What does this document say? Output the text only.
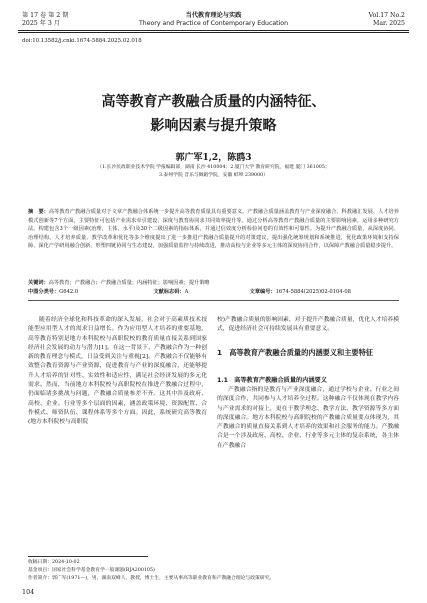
第 17 卷 第 2 期
2025 年 3 月
当代教育理论与实践
Theory and Practice of Contemporary Education
Vol.17 No.2
Mar. 2025
doi:10.13582/j.cnki.1674-5884.2025.02.018
高等教育产教融合质量的内涵特征、
影响因素与提升策略
郭广军1,2，陈鸥3
（1.长沙民政职业技术学院 学报编辑部，湖南 长沙 410004；2.厦门大学 教育研究院，福建 厦门 361005；
3.泰州学院 音乐与舞蹈学院，安徽 蚌埠 239000）
摘　要：高等教育产教融合质量对于文章产教融合体系统一步提升高等教育质量具有重要意义。产教融合质量涵盖教育与产业深度融合、科教融汇发展、人才培养模式创新等7个方面，主要特征可包括产业需求牵引建设、深度与教育协同求共同效率提升等。通过分析高等教育产教融合质量的主要影响因素，运用多种研究方法，构建包含3个一级因素(治理、主体、水平)及30个二级因素的指标体系，并通过信效度分析检验问卷的有效性和可靠性。为提升产教融合质量，从深度协同、治理结构、人才培养质量、教学改革和优化等多个维度提出了进一步推进产教融合质量提升的对策建议。提出强化统筹规划和系统推进，优化政策环境和支持保障，深化产学研用融合创新，形塑四链协同与生态建设，加强质量监控与持续改进，推动高校与企业等多元主体的深度协同合作，以保障产教融合质量稳步提升。
关键词：高等教育；产教融合；产教融合质量；内涵特征；影响因素；提升策略
中图分类号：G642.0	文献标志码：A	文章编号：1674-5884(2025)02-0104-08

随着经济全球化和科技革命的深入发展，社会对于高素质技术技能型应用型人才的需求日益增长。作为应用型人才培养的重要基地，高等教育特别是地方本科院校与高职院校的教育质量直接关系到国家经济社会发展的动力与潜力[1]。在这一背景下，产教融合作为一种创新的教育理念与模式，日益受到关注与重视[2]。产教融合不仅能够有效整合教育资源与产业资源，促进教育与产业的深度融合，还能够提升人才培养的针对性、实效性和适应性，满足社会经济发展的多元化需求。然而，当前地方本科院校与高职院校在推进产教融合过程中，仍面临诸多挑战与问题，产教融合质量参差不齐。这其中涉及政府、高校、企业、行业等多个层面的因素，涵盖政策环境、资源配置、合作模式、师资队伍、课程体系等多个方面。因此，系统研究高等教育(地方本科院校与高职院

校)产教融合质量的影响因素，对于提升产教融合质量，优化人才培养模式，促进经济社会可持续发展具有重要意义。

1　高等教育产教融合质量的内涵要义和主要特征
1.1　高等教育产教融合质量的内涵要义

产教融合指的是教育与产业深度融合，通过学校与企业、行业之间的深度合作，共同参与人才培养全过程。这种融合不仅体现在教学内容与产业需求的对接上，更在于教学理念、教学方法、教学资源等多方面的深度融合。地方本科院校与高职院校的产教融合质量要点体现为，其产教融合的质量直接关系到人才培养的效果和社会服务的能力。产教融合是一个涉及政府、高校、企业、行业等多元主体的复杂系统，各主体在产教融合

收稿日期：2024-10-02
基金项目：国家社会科学基金教育学一般课题(BJA200105)
作者简介：郭广军(1971—)，男，湖南双峰人，教授，博士生，主要从事高等职业教育和产教融合理论与政策研究。
104
